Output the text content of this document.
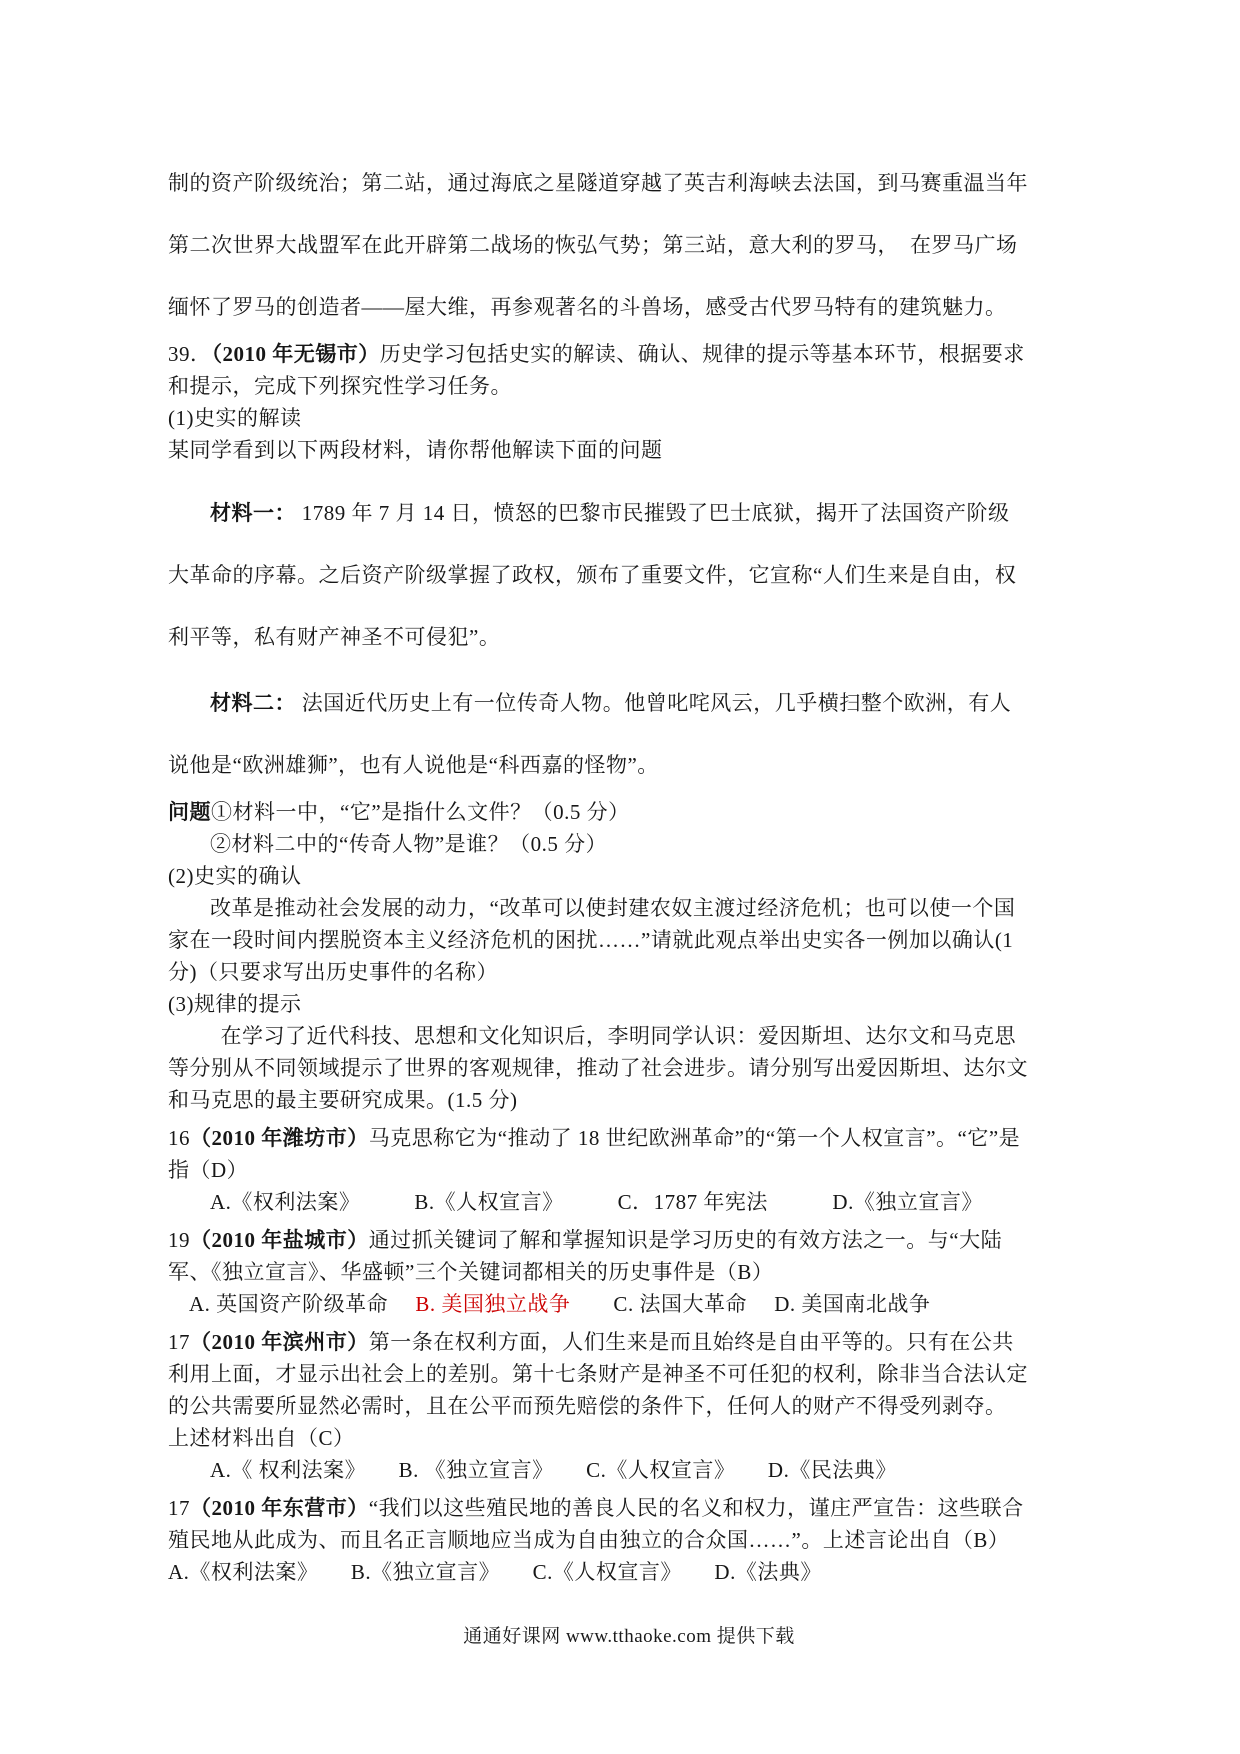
制的资产阶级统治；第二站，通过海底之星隧道穿越了英吉利海峡去法国，到马赛重温当年
第二次世界大战盟军在此开辟第二战场的恢弘气势；第三站，意大利的罗马，　在罗马广场
缅怀了罗马的创造者——屋大维，再参观著名的斗兽场，感受古代罗马特有的建筑魅力。
39．（2010 年无锡市）历史学习包括史实的解读、确认、规律的提示等基本环节，根据要求
和提示，完成下列探究性学习任务。
(1)史实的解读
某同学看到以下两段材料，请你帮他解读下面的问题
材料一： 1789 年 7 月 14 日，愤怒的巴黎市民摧毁了巴士底狱，揭开了法国资产阶级
大革命的序幕。之后资产阶级掌握了政权，颁布了重要文件，它宣称“人们生来是自由，权
利平等，私有财产神圣不可侵犯”。
材料二： 法国近代历史上有一位传奇人物。他曾叱咤风云，几乎横扫整个欧洲，有人
说他是“欧洲雄狮”，也有人说他是“科西嘉的怪物”。
问题①材料一中，“它”是指什么文件？（0.5 分）
②材料二中的“传奇人物”是谁？（0.5 分）
(2)史实的确认
改革是推动社会发展的动力，“改革可以使封建农奴主渡过经济危机；也可以使一个国
家在一段时间内摆脱资本主义经济危机的困扰……”请就此观点举出史实各一例加以确认(1
分)（只要求写出历史事件的名称）
(3)规律的提示
在学习了近代科技、思想和文化知识后，李明同学认识：爱因斯坦、达尔文和马克思
等分别从不同领域提示了世界的客观规律，推动了社会进步。请分别写出爱因斯坦、达尔文
和马克思的最主要研究成果。(1.5 分)
16（2010 年潍坊市）马克思称它为“推动了 18 世纪欧洲革命”的“第一个人权宣言”。“它”是
指（D）
A.《权利法案》　　　B.《人权宣言》　　　C．1787 年宪法　　　D.《独立宣言》
19（2010 年盐城市）通过抓关键词了解和掌握知识是学习历史的有效方法之一。与“大陆
军、《独立宣言》、华盛顿”三个关键词都相关的历史事件是（B）
A. 英国资产阶级革命　 B. 美国独立战争　　C. 法国大革命　 D. 美国南北战争
17（2010 年滨州市）第一条在权利方面，人们生来是而且始终是自由平等的。只有在公共
利用上面，才显示出社会上的差别。第十七条财产是神圣不可任犯的权利，除非当合法认定
的公共需要所显然必需时，且在公平而预先赔偿的条件下，任何人的财产不得受列剥夺。
上述材料出自（C）
A.《 权利法案》　　B. 《独立宣言》　　C.《人权宣言》　　D.《民法典》
17（2010 年东营市）“我们以这些殖民地的善良人民的名义和权力，谨庄严宣告：这些联合
殖民地从此成为、而且名正言顺地应当成为自由独立的合众国……”。上述言论出自（B）
A.《权利法案》　　B.《独立宣言》　　C.《人权宣言》　　D.《法典》
通通好课网 www.tthaoke.com 提供下载
